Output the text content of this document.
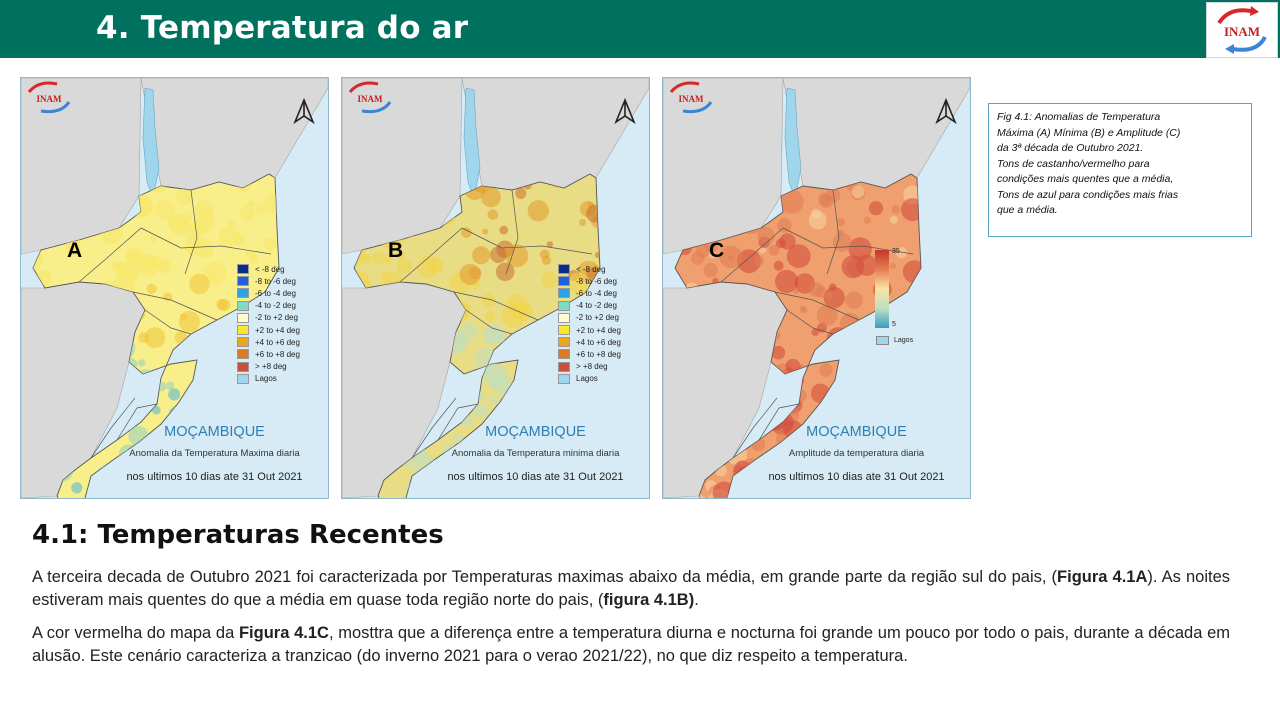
4. Temperatura do ar	INAM
INAM
A
< -8 deg
-8 to -6 deg
-6 to -4 deg
-4 to -2 deg
-2 to +2 deg
+2 to +4 deg
+4 to +6 deg
+6 to +8 deg
> +8 deg
Lagos
MOÇAMBIQUE
Anomalia da Temperatura Maxima diaria
nos ultimos 10 dias ate 31 Out 2021
INAM
B
< -8 deg
-8 to -6 deg
-6 to -4 deg
-4 to -2 deg
-2 to +2 deg
+2 to +4 deg
+4 to +6 deg
+6 to +8 deg
> +8 deg
Lagos
MOÇAMBIQUE
Anomalia da Temperatura minima diaria
nos ultimos 10 dias ate 31 Out 2021
INAM
C	35
5
Lagos
MOÇAMBIQUE
Amplitude da temperatura diaria
nos ultimos 10 dias ate 31 Out 2021
Fig 4.1: Anomalias de Temperatura
Máxima (A) Mínima (B) e Amplitude (C)
da 3ª década de Outubro 2021.
Tons de castanho/vermelho para
condições mais quentes que a média,
Tons de azul para condições mais frias
que a média.
4.1: Temperaturas Recentes
A terceira decada de Outubro 2021 foi caracterizada por Temperaturas maximas abaixo da média, em grande parte da região sul do pais, (Figura 4.1A). As noites estiveram mais quentes do que a média em quase toda região norte do pais, (figura 4.1B).
A cor vermelha do mapa da Figura 4.1C, mosttra que a diferença entre a temperatura diurna e nocturna foi grande um pouco por todo o pais, durante a década em alusão. Este cenário caracteriza a tranzicao (do inverno 2021 para o verao 2021/22), no que diz respeito a temperatura.
